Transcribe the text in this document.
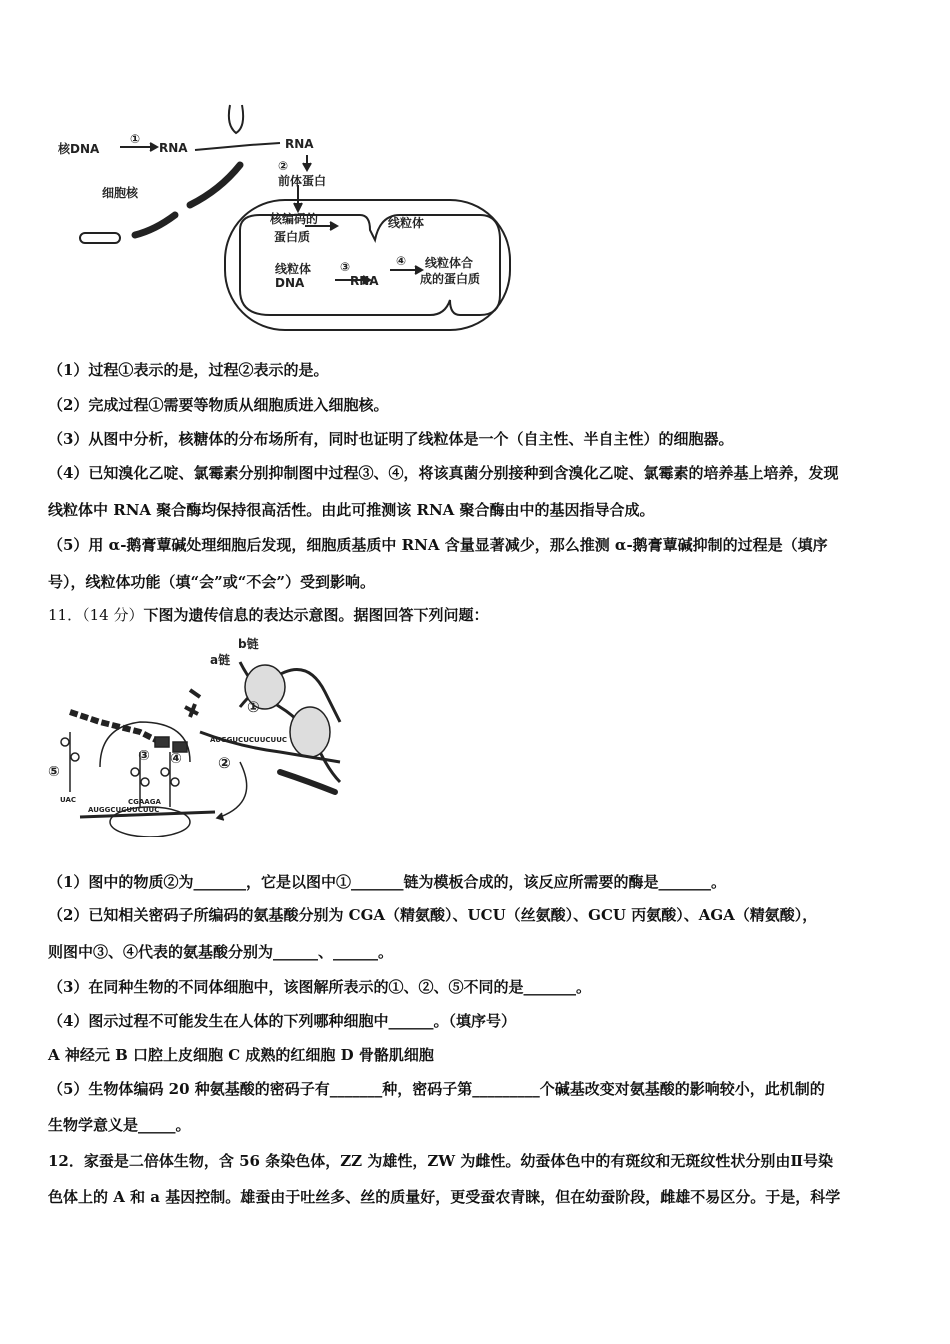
核DNA
①
RNA	RNA
②
前体蛋白
细胞核
核编码的
蛋白质
线粒体
线粒体
DNA
③
RNA
④ 线粒体合
成的蛋白质
（1）过程①表示的是，过程②表示的是。
（2）完成过程①需要等物质从细胞质进入细胞核。
（3）从图中分析，核糖体的分布场所有，同时也证明了线粒体是一个（自主性、半自主性）的细胞器。
（4）已知溴化乙啶、氯霉素分别抑制图中过程③、④，将该真菌分别接种到含溴化乙啶、氯霉素的培养基上培养，发现
线粒体中 RNA 聚合酶均保持很高活性。由此可推测该 RNA 聚合酶由中的基因指导合成。
（5）用 α-鹅膏蕈碱处理细胞后发现，细胞质基质中 RNA 含量显著减少，那么推测 α-鹅膏蕈碱抑制的过程是（填序
号），线粒体功能（填“会”或“不会”）受到影响。
11．（14 分）下图为遗传信息的表达示意图。据图回答下列问题：
b链
a链
①
②
③ ④
⑤
AUGGUCUCUUCUUC
UAC	CGAAGA
AUGGCUCUUCUUC
（1）图中的物质②为_______，它是以图中①_______链为模板合成的，该反应所需要的酶是_______。
（2）已知相关密码子所编码的氨基酸分别为 CGA（精氨酸）、UCU（丝氨酸）、GCU 丙氨酸）、AGA（精氨酸），
则图中③、④代表的氨基酸分别为______、______。
（3）在同种生物的不同体细胞中，该图解所表示的①、②、⑤不同的是_______。
（4）图示过程不可能发生在人体的下列哪种细胞中______。（填序号）
A 神经元 B 口腔上皮细胞 C 成熟的红细胞 D 骨骼肌细胞
（5）生物体编码 20 种氨基酸的密码子有_______种，密码子第_________个碱基改变对氨基酸的影响较小，此机制的
生物学意义是_____。
12．家蚕是二倍体生物，含 56 条染色体，ZZ 为雄性，ZW 为雌性。幼蚕体色中的有斑纹和无斑纹性状分别由Ⅱ号染
色体上的 A 和 a 基因控制。雄蚕由于吐丝多、丝的质量好，更受蚕农青睐，但在幼蚕阶段，雌雄不易区分。于是，科学
